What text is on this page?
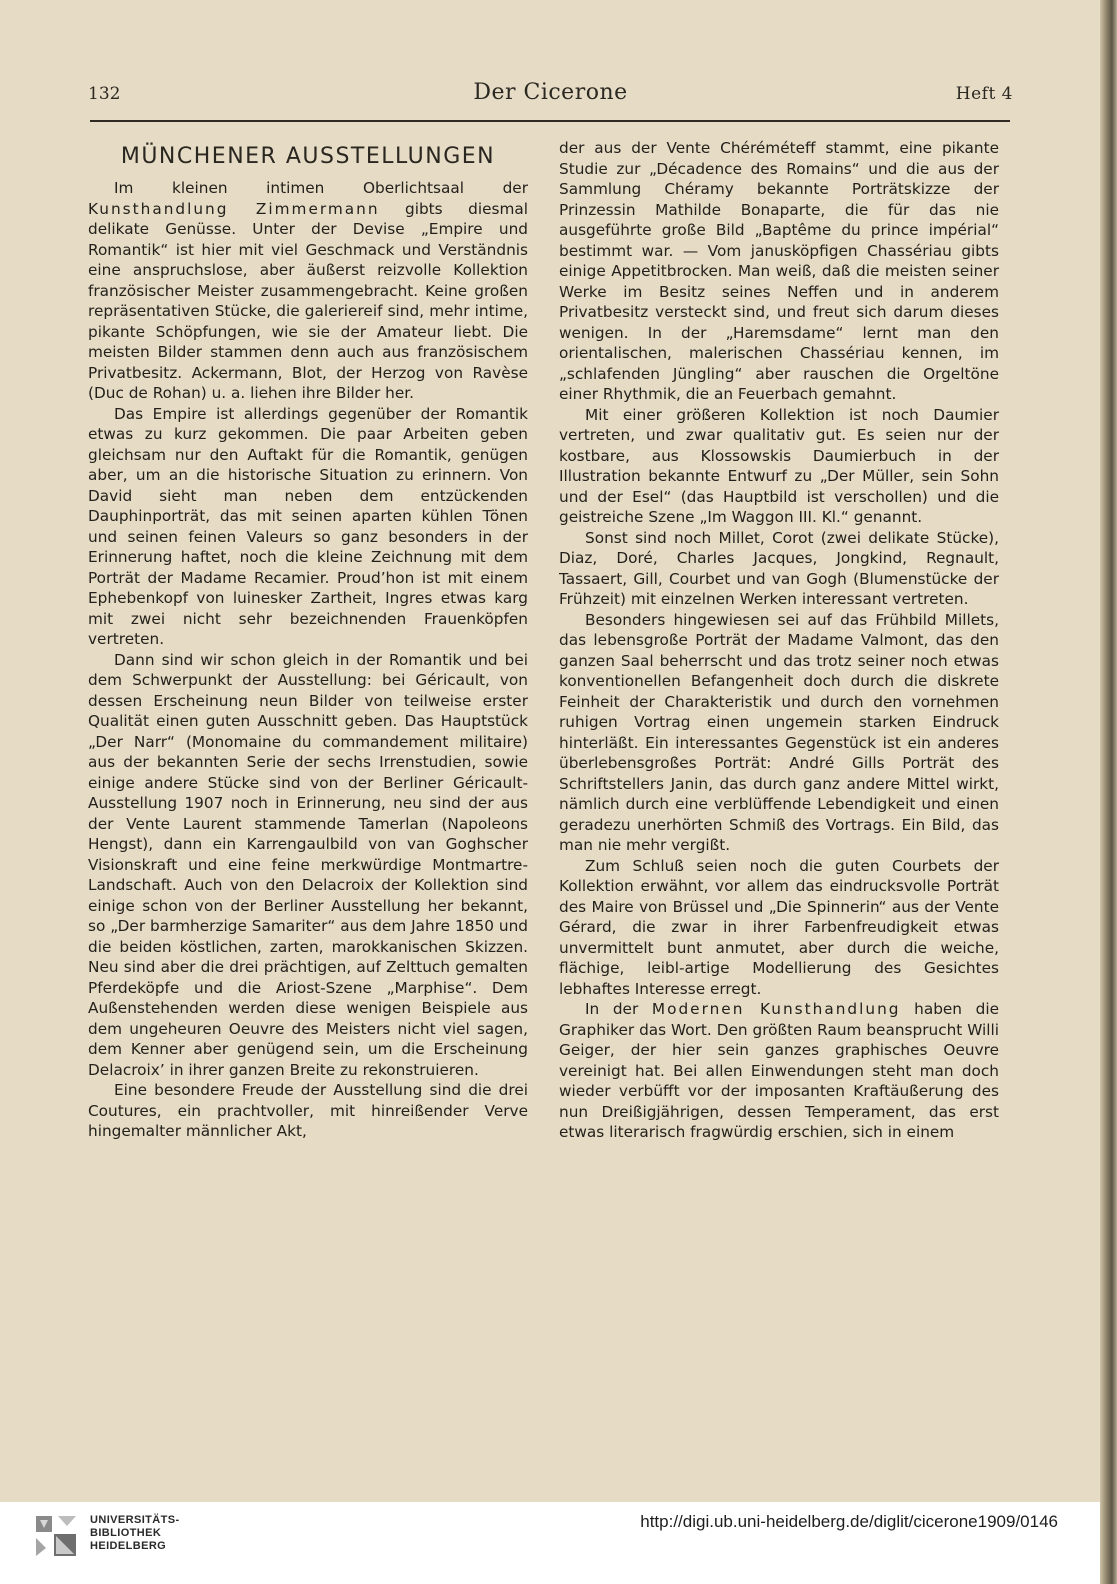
132	Der Cicerone	Heft 4
MÜNCHENER AUSSTELLUNGEN

Im kleinen intimen Oberlichtsaal der Kunsthandlung Zimmermann gibts diesmal delikate Genüsse. Unter der Devise „Empire und Romantik“ ist hier mit viel Geschmack und Verständnis eine anspruchslose, aber äußerst reizvolle Kollektion französischer Meister zusammengebracht. Keine großen repräsentativen Stücke, die galeriereif sind, mehr intime, pikante Schöpfungen, wie sie der Amateur liebt. Die meisten Bilder stammen denn auch aus französischem Privatbesitz. Ackermann, Blot, der Herzog von Ravèse (Duc de Rohan) u. a. liehen ihre Bilder her.

Das Empire ist allerdings gegenüber der Romantik etwas zu kurz gekommen. Die paar Arbeiten geben gleichsam nur den Auftakt für die Romantik, genügen aber, um an die historische Situation zu erinnern. Von David sieht man neben dem entzückenden Dauphinporträt, das mit seinen aparten kühlen Tönen und seinen feinen Valeurs so ganz besonders in der Erinnerung haftet, noch die kleine Zeichnung mit dem Porträt der Madame Recamier. Proud’hon ist mit einem Ephebenkopf von luinesker Zartheit, Ingres etwas karg mit zwei nicht sehr bezeichnenden Frauenköpfen vertreten.

Dann sind wir schon gleich in der Romantik und bei dem Schwerpunkt der Ausstellung: bei Géricault, von dessen Erscheinung neun Bilder von teilweise erster Qualität einen guten Ausschnitt geben. Das Hauptstück „Der Narr“ (Monomaine du commandement militaire) aus der bekannten Serie der sechs Irrenstudien, sowie einige andere Stücke sind von der Berliner Géricault-Ausstellung 1907 noch in Erinnerung, neu sind der aus der Vente Laurent stammende Tamerlan (Napoleons Hengst), dann ein Karrengaulbild von van Goghscher Visionskraft und eine feine merkwürdige Montmartre-Landschaft. Auch von den Delacroix der Kollektion sind einige schon von der Berliner Ausstellung her bekannt, so „Der barmherzige Samariter“ aus dem Jahre 1850 und die beiden köstlichen, zarten, marokkanischen Skizzen. Neu sind aber die drei prächtigen, auf Zelttuch gemalten Pferdeköpfe und die Ariost-Szene „Marphise“. Dem Außenstehenden werden diese wenigen Beispiele aus dem ungeheuren Oeuvre des Meisters nicht viel sagen, dem Kenner aber genügend sein, um die Erscheinung Delacroix’ in ihrer ganzen Breite zu rekonstruieren.

Eine besondere Freude der Ausstellung sind die drei Coutures, ein prachtvoller, mit hinreißender Verve hingemalter männlicher Akt,

der aus der Vente Chéréméteff stammt, eine pikante Studie zur „Décadence des Romains“ und die aus der Sammlung Chéramy bekannte Porträtskizze der Prinzessin Mathilde Bonaparte, die für das nie ausgeführte große Bild „Baptême du prince impérial“ bestimmt war. — Vom janusköpfigen Chassériau gibts einige Appetitbrocken. Man weiß, daß die meisten seiner Werke im Besitz seines Neffen und in anderem Privatbesitz versteckt sind, und freut sich darum dieses wenigen. In der „Haremsdame“ lernt man den orientalischen, malerischen Chassériau kennen, im „schlafenden Jüngling“ aber rauschen die Orgeltöne einer Rhythmik, die an Feuerbach gemahnt.

Mit einer größeren Kollektion ist noch Daumier vertreten, und zwar qualitativ gut. Es seien nur der kostbare, aus Klossowskis Daumierbuch in der Illustration bekannte Entwurf zu „Der Müller, sein Sohn und der Esel“ (das Hauptbild ist verschollen) und die geistreiche Szene „Im Waggon III. Kl.“ genannt.

Sonst sind noch Millet, Corot (zwei delikate Stücke), Diaz, Doré, Charles Jacques, Jongkind, Regnault, Tassaert, Gill, Courbet und van Gogh (Blumenstücke der Frühzeit) mit einzelnen Werken interessant vertreten.

Besonders hingewiesen sei auf das Frühbild Millets, das lebensgroße Porträt der Madame Valmont, das den ganzen Saal beherrscht und das trotz seiner noch etwas konventionellen Befangenheit doch durch die diskrete Feinheit der Charakteristik und durch den vornehmen ruhigen Vortrag einen ungemein starken Eindruck hinterläßt. Ein interessantes Gegenstück ist ein anderes überlebensgroßes Porträt: André Gills Porträt des Schriftstellers Janin, das durch ganz andere Mittel wirkt, nämlich durch eine verblüffende Lebendigkeit und einen geradezu unerhörten Schmiß des Vortrags. Ein Bild, das man nie mehr vergißt.

Zum Schluß seien noch die guten Courbets der Kollektion erwähnt, vor allem das eindrucksvolle Porträt des Maire von Brüssel und „Die Spinnerin“ aus der Vente Gérard, die zwar in ihrer Farbenfreudigkeit etwas unvermittelt bunt anmutet, aber durch die weiche, flächige, leibl-artige Modellierung des Gesichtes lebhaftes Interesse erregt.

In der Modernen Kunsthandlung haben die Graphiker das Wort. Den größten Raum beansprucht Willi Geiger, der hier sein ganzes graphisches Oeuvre vereinigt hat. Bei allen Einwendungen steht man doch wieder verbüfft vor der imposanten Kraftäußerung des nun Dreißigjährigen, dessen Temperament, das erst etwas literarisch fragwürdig erschien, sich in einem

UNIVERSITÄTS-
BIBLIOTHEK
HEIDELBERG
http://digi.ub.uni-heidelberg.de/diglit/cicerone1909/0146
